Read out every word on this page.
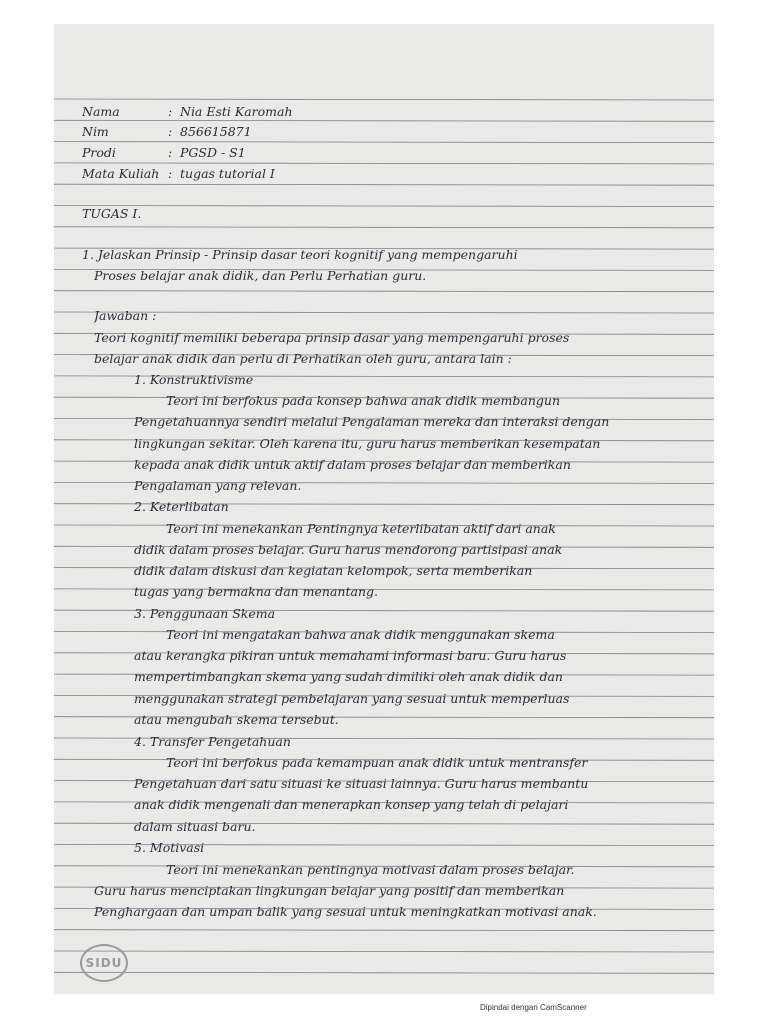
Nama	: Nia Esti Karomah
Nim	: 856615871
Prodi	: PGSD - S1
Mata Kuliah : tugas tutorial I
TUGAS I.
1. Jelaskan Prinsip - Prinsip dasar teori kognitif yang mempengaruhi
Proses belajar anak didik, dan Perlu Perhatian guru.
Jawaban :
Teori kognitif memiliki beberapa prinsip dasar yang mempengaruhi proses
belajar anak didik dan perlu di Perhatikan oleh guru, antara lain :
1. Konstruktivisme
Teori ini berfokus pada konsep bahwa anak didik membangun
Pengetahuannya sendiri melalui Pengalaman mereka dan interaksi dengan
lingkungan sekitar. Oleh karena itu, guru harus memberikan kesempatan
kepada anak didik untuk aktif dalam proses belajar dan memberikan
Pengalaman yang relevan.
2. Keterlibatan
Teori ini menekankan Pentingnya keterlibatan aktif dari anak
didik dalam proses belajar. Guru harus mendorong partisipasi anak
didik dalam diskusi dan kegiatan kelompok, serta memberikan
tugas yang bermakna dan menantang.
3. Penggunaan Skema
Teori ini mengatakan bahwa anak didik menggunakan skema
atau kerangka pikiran untuk memahami informasi baru. Guru harus
mempertimbangkan skema yang sudah dimiliki oleh anak didik dan
menggunakan strategi pembelajaran yang sesuai untuk memperluas
atau mengubah skema tersebut.
4. Transfer Pengetahuan
Teori ini berfokus pada kemampuan anak didik untuk mentransfer
Pengetahuan dari satu situasi ke situasi lainnya. Guru harus membantu
anak didik mengenali dan menerapkan konsep yang telah di pelajari
dalam situasi baru.
5. Motivasi
Teori ini menekankan pentingnya motivasi dalam proses belajar.
Guru harus menciptakan lingkungan belajar yang positif dan memberikan
Penghargaan dan umpan balik yang sesuai untuk meningkatkan motivasi anak.
SIDU
Dipindai dengan CamScanner
